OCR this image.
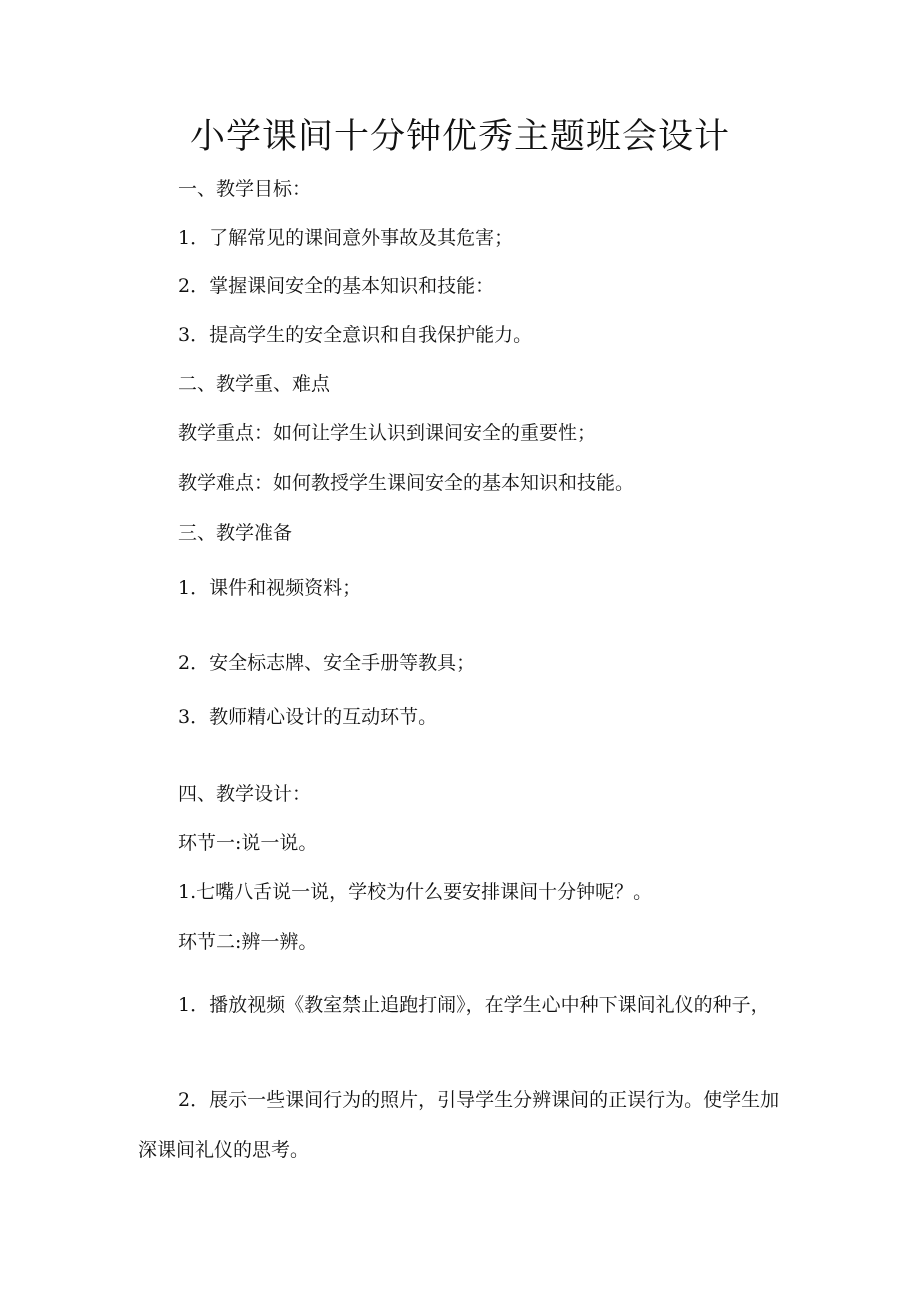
小学课间十分钟优秀主题班会设计
一、教学目标：
1．了解常见的课间意外事故及其危害；
2．掌握课间安全的基本知识和技能：
3．提高学生的安全意识和自我保护能力。
二、教学重、难点
教学重点：如何让学生认识到课间安全的重要性；
教学难点：如何教授学生课间安全的基本知识和技能。
三、教学准备
1．课件和视频资料；
2．安全标志牌、安全手册等教具；
3．教师精心设计的互动环节。
四、教学设计：
环节一:说一说。
1.七嘴八舌说一说，学校为什么要安排课间十分钟呢？。
环节二:辨一辨。
1．播放视频《教室禁止追跑打闹》，在学生心中种下课间礼仪的种子，
2．展示一些课间行为的照片，引导学生分辨课间的正误行为。使学生加深课间礼仪的思考。
